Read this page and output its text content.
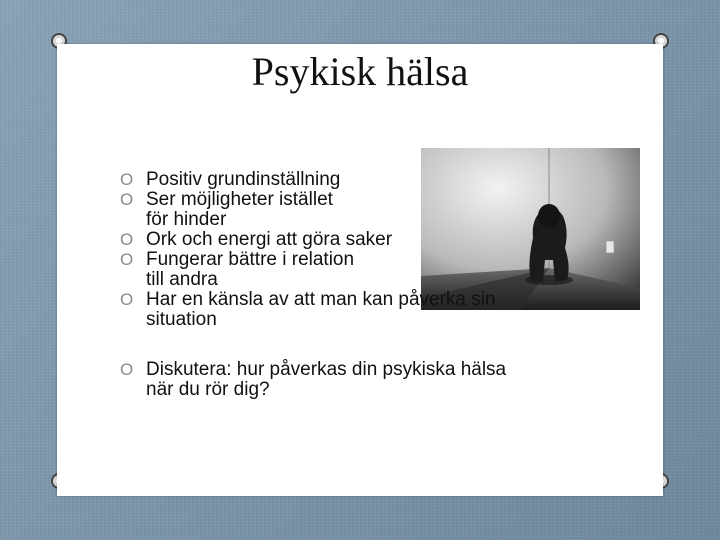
Psykisk hälsa
O Positiv grundinställning
O Ser möjligheter istället
för hinder
O Ork och energi att göra saker
O Fungerar bättre i relation
till andra
O Har en känsla av att man kan påverka sin
situation
O Diskutera: hur påverkas din psykiska hälsa
när du rör dig?
